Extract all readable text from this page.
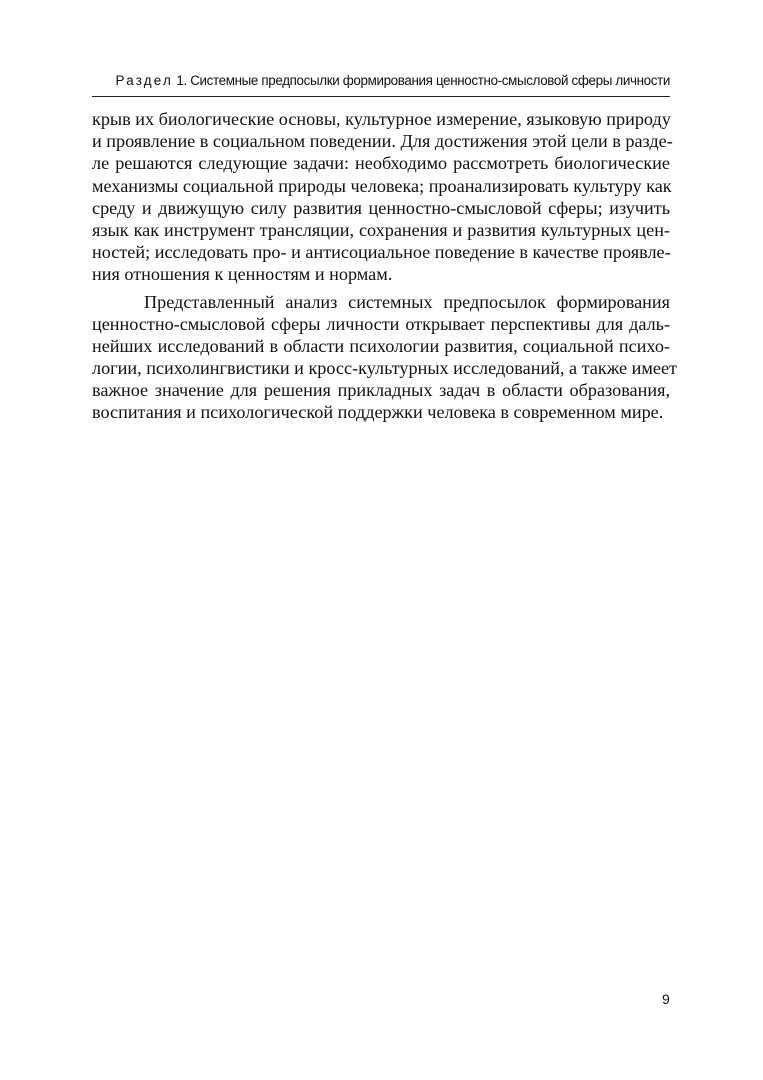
Раздел 1. Системные предпосылки формирования ценностно-смысловой сферы личности
крыв их биологические основы, культурное измерение, языковую природу
и проявление в социальном поведении. Для достижения этой цели в разде-
ле решаются следующие задачи: необходимо рассмотреть биологические
механизмы социальной природы человека; проанализировать культуру как
среду и движущую силу развития ценностно-смысловой сферы; изучить
язык как инструмент трансляции, сохранения и развития культурных цен-
ностей; исследовать про- и антисоциальное поведение в качестве проявле-
ния отношения к ценностям и нормам.
Представленный анализ системных предпосылок формирования
ценностно-смысловой сферы личности открывает перспективы для даль-
нейших исследований в области психологии развития, социальной психо-
логии, психолингвистики и кросс-культурных исследований, а также имеет
важное значение для решения прикладных задач в области образования,
воспитания и психологической поддержки человека в современном мире.
9
